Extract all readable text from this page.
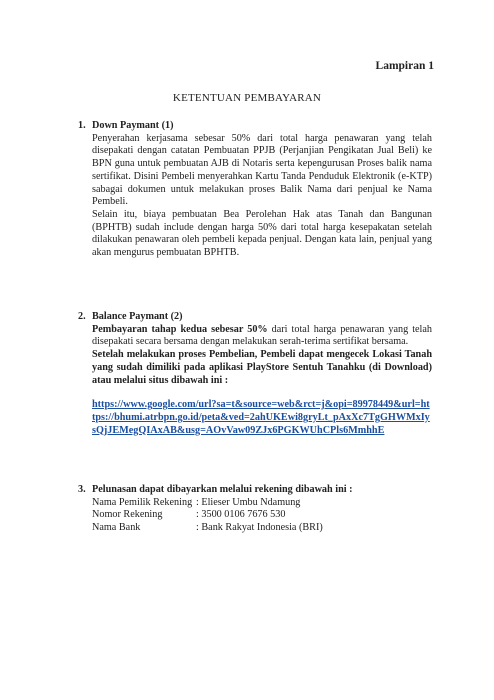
Lampiran 1
KETENTUAN PEMBAYARAN
1. Down Paymant (1)

Penyerahan kerjasama sebesar 50% dari total harga penawaran yang telah disepakati dengan catatan Pembuatan PPJB (Perjanjian Pengikatan Jual Beli) ke BPN guna untuk pembuatan AJB di Notaris serta kepengurusan Proses balik nama sertifikat. Disini Pembeli menyerahkan Kartu Tanda Penduduk Elektronik (e-KTP) sabagai dokumen untuk melakukan proses Balik Nama dari penjual ke Nama Pembeli.

Selain itu, biaya pembuatan Bea Perolehan Hak atas Tanah dan Bangunan (BPHTB) sudah include dengan harga 50% dari total harga kesepakatan setelah dilakukan penawaran oleh pembeli kepada penjual. Dengan kata lain, penjual yang akan mengurus pembuatan BPHTB.

2. Balance Paymant (2)

Pembayaran tahap kedua sebesar 50% dari total harga penawaran yang telah disepakati secara bersama dengan melakukan serah-terima sertifikat bersama.

Setelah melakukan proses Pembelian, Pembeli dapat mengecek Lokasi Tanah yang sudah dimiliki pada aplikasi PlayStore Sentuh Tanahku (di Download) atau melalui situs dibawah ini :

https://www.google.com/url?sa=t&source=web&rct=j&opi=89978449&url=https://bhumi.atrbpn.go.id/peta&ved=2ahUKEwi8gryLt_pAxXc7TgGHWMxIysQjJEMegQIAxAB&usg=AOvVaw09ZJx6PGKWUhCPls6MmhhE

3. Pelunasan dapat dibayarkan melalui rekening dibawah ini :
Nama Pemilik Rekening : Elieser Umbu Ndamung
Nomor Rekening	: 3500 0106 7676 530
Nama Bank	: Bank Rakyat Indonesia (BRI)
